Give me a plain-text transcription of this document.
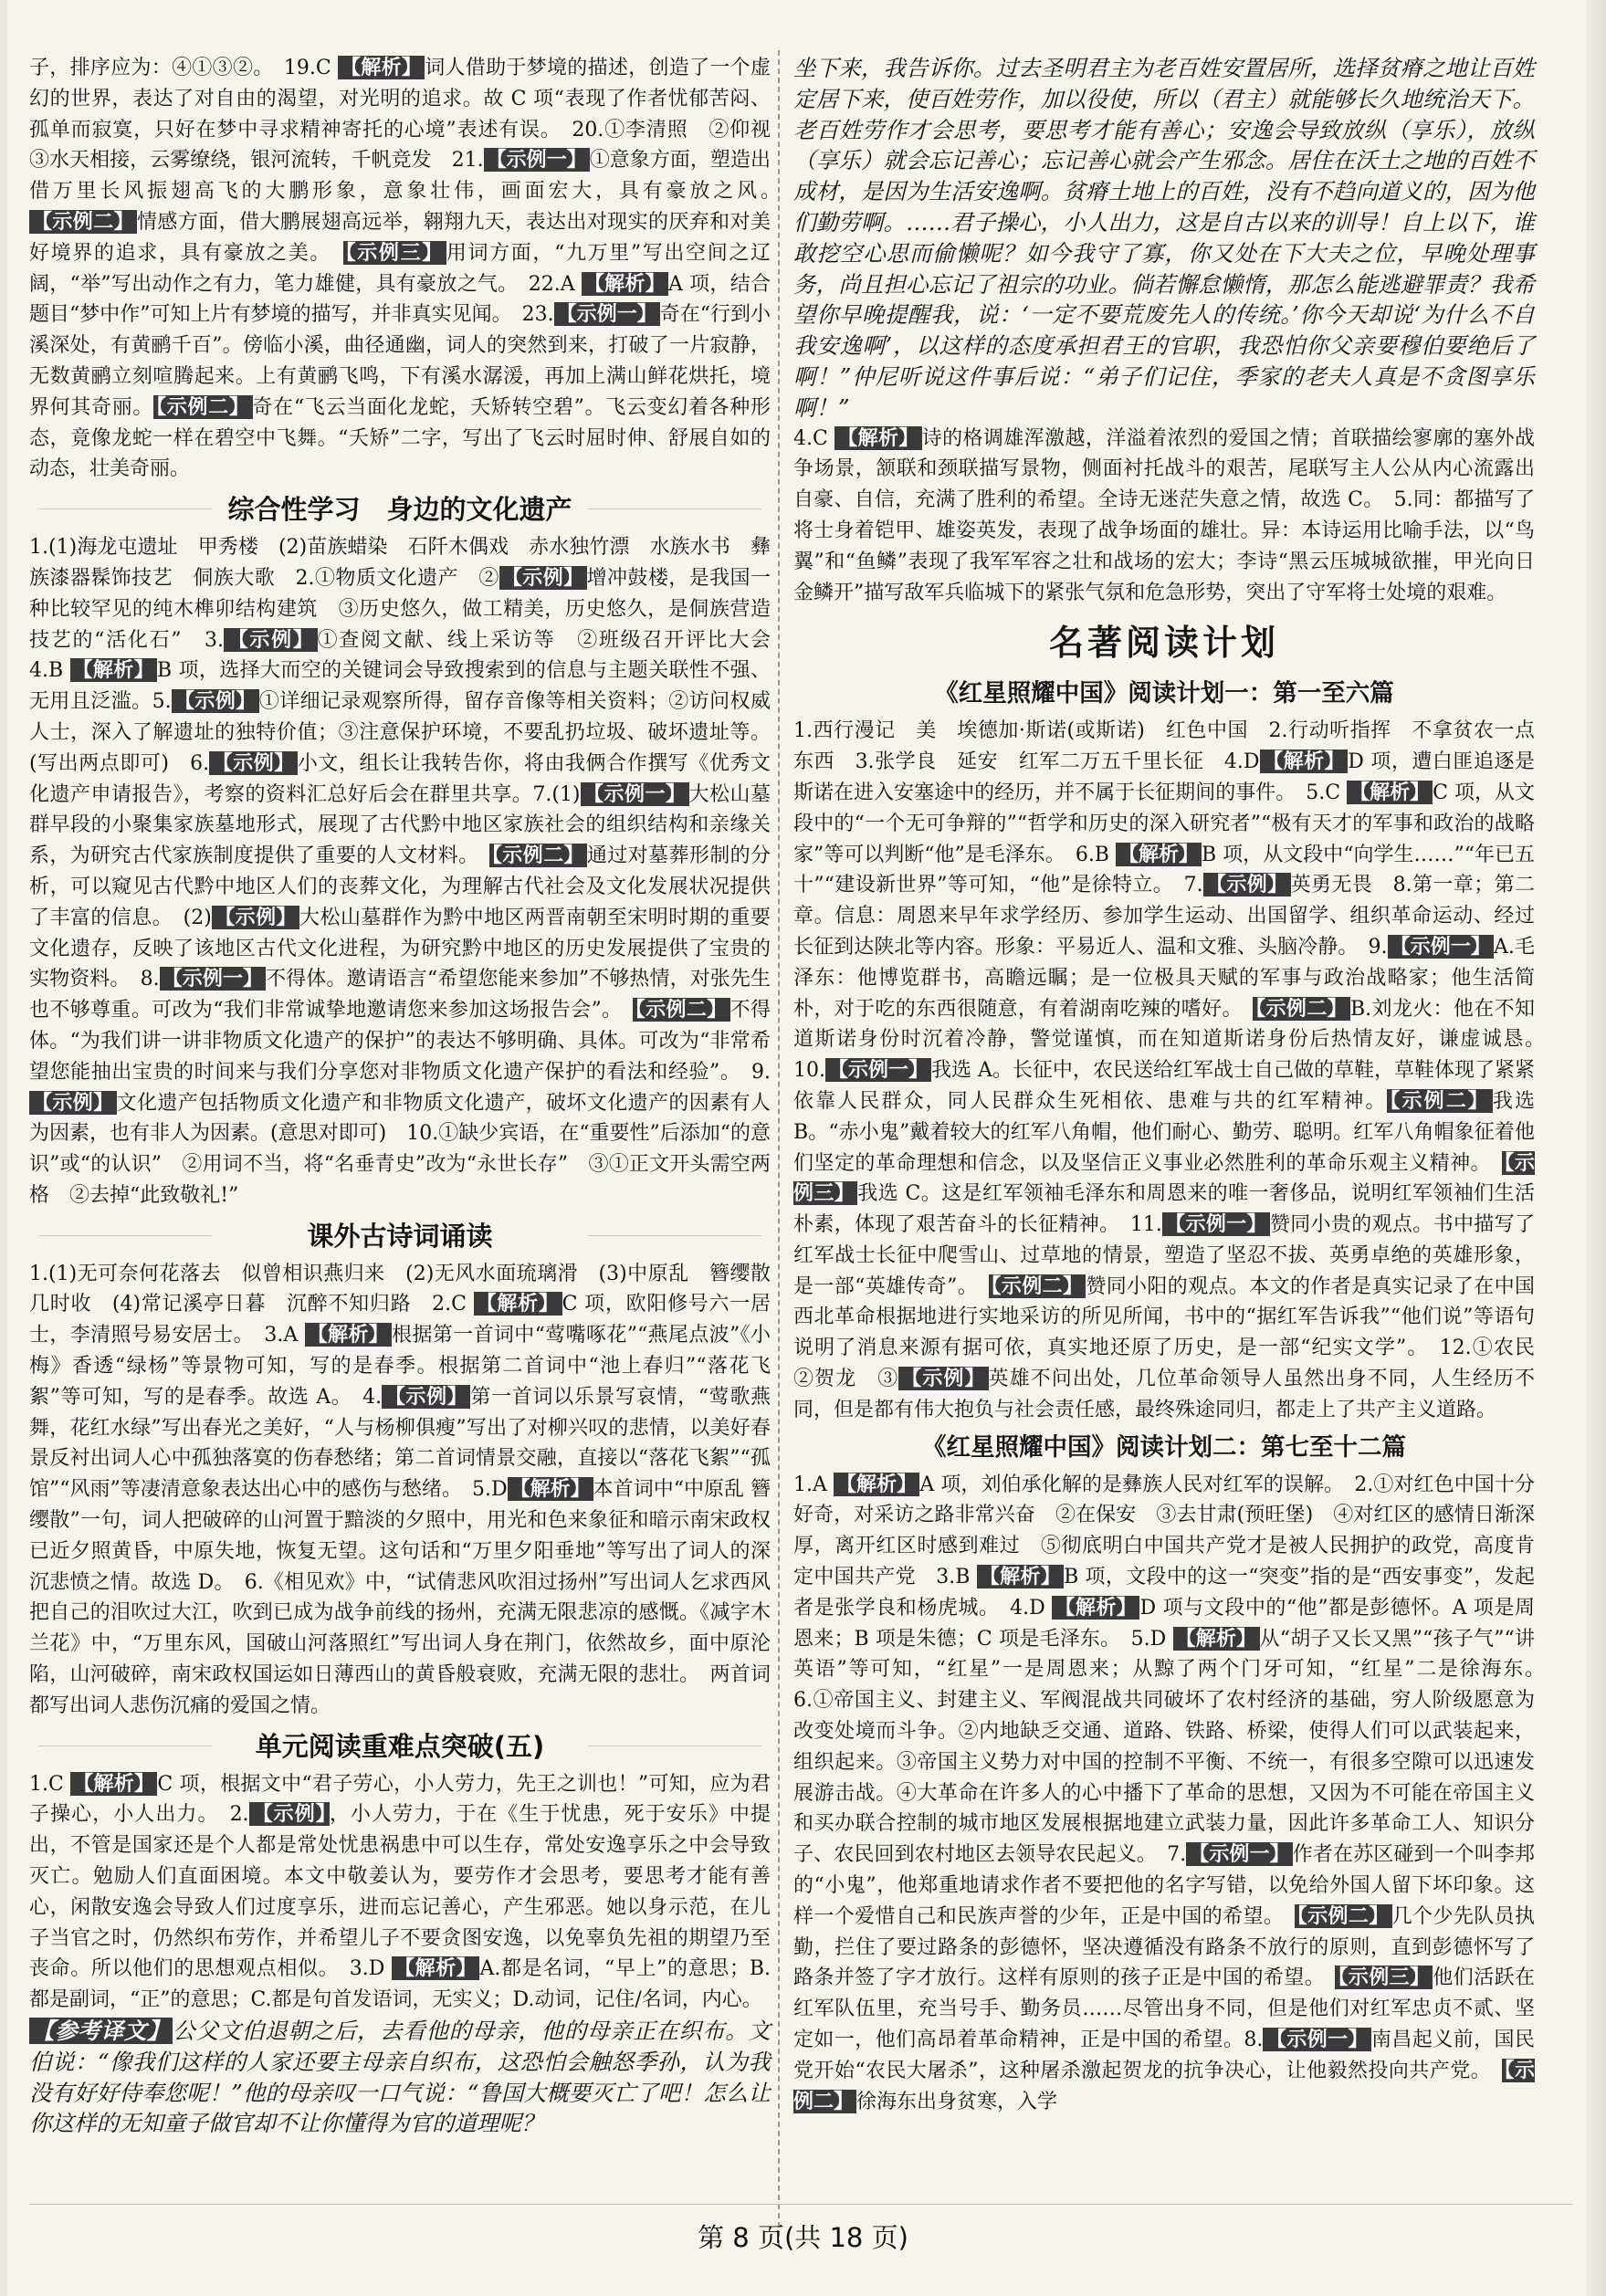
子，排序应为：④①③②。　19.C 【解析】 词人借助于梦境的描述，创造了一个虚幻的世界，表达了对自由的渴望，对光明的追求。故 C 项“表现了作者忧郁苦闷、孤单而寂寞，只好在梦中寻求精神寄托的心境”表述有误。　20.①李清照　②仰视　③水天相接，云雾缭绕，银河流转，千帆竞发　21. 【示例一】 ①意象方面，塑造出借万里长风振翅高飞的大鹏形象，意象壮伟，画面宏大，具有豪放之风。　【示例二】 情感方面，借大鹏展翅高远举，翱翔九天，表达出对现实的厌弃和对美好境界的追求，具有豪放之美。　【示例三】 用词方面，“九万里”写出空间之辽阔，“举”写出动作之有力，笔力雄健，具有豪放之气。　22.A 【解析】 A 项，结合题目“梦中作”可知上片有梦境的描写，并非真实见闻。　23. 【示例一】 奇在“行到小溪深处，有黄鹂千百”。傍临小溪，曲径通幽，词人的突然到来，打破了一片寂静，无数黄鹂立刻喧腾起来。上有黄鹂飞鸣，下有溪水潺湲，再加上满山鲜花烘托，境界何其奇丽。 【示例二】 奇在“飞云当面化龙蛇，夭矫转空碧”。飞云变幻着各种形态，竟像龙蛇一样在碧空中飞舞。“夭矫”二字，写出了飞云时屈时伸、舒展自如的动态，壮美奇丽。
综合性学习　身边的文化遗产
1.(1)海龙屯遗址　甲秀楼　(2)苗族蜡染　石阡木偶戏　赤水独竹漂　水族水书　彝族漆器髹饰技艺　侗族大歌　2.①物质文化遗产　② 【示例】 增冲鼓楼，是我国一种比较罕见的纯木榫卯结构建筑　③历史悠久，做工精美，历史悠久，是侗族营造技艺的“活化石”　3. 【示例】 ①查阅文献、线上采访等　②班级召开评比大会　4.B 【解析】 B 项，选择大而空的关键词会导致搜索到的信息与主题关联性不强、无用且泛滥。5. 【示例】 ①详细记录观察所得，留存音像等相关资料；②访问权威人士，深入了解遗址的独特价值；③注意保护环境，不要乱扔垃圾、破坏遗址等。(写出两点即可)　6. 【示例】 小文，组长让我转告你，将由我俩合作撰写《优秀文化遗产申请报告》，考察的资料汇总好后会在群里共享。7.(1) 【示例一】 大松山墓群早段的小聚集家族墓地形式，展现了古代黔中地区家族社会的组织结构和亲缘关系，为研究古代家族制度提供了重要的人文材料。　【示例二】 通过对墓葬形制的分析，可以窥见古代黔中地区人们的丧葬文化，为理解古代社会及文化发展状况提供了丰富的信息。　(2) 【示例】 大松山墓群作为黔中地区两晋南朝至宋明时期的重要文化遗存，反映了该地区古代文化进程，为研究黔中地区的历史发展提供了宝贵的实物资料。　8. 【示例一】 不得体。邀请语言“希望您能来参加”不够热情，对张先生也不够尊重。可改为“我们非常诚挚地邀请您来参加这场报告会”。　【示例二】 不得体。“为我们讲一讲非物质文化遗产的保护”的表达不够明确、具体。可改为“非常希望您能抽出宝贵的时间来与我们分享您对非物质文化遗产保护的看法和经验”。　9.【示例】 文化遗产包括物质文化遗产和非物质文化遗产，破坏文化遗产的因素有人为因素，也有非人为因素。(意思对即可)　10.①缺少宾语，在“重要性”后添加“的意识”或“的认识”　②用词不当，将“名垂青史”改为“永世长存”　③①正文开头需空两格　②去掉“此致敬礼!”
课外古诗词诵读
1.(1)无可奈何花落去　似曾相识燕归来　(2)无风水面琉璃滑　(3)中原乱　簪缨散　几时收　(4)常记溪亭日暮　沉醉不知归路　2.C 【解析】 C 项，欧阳修号六一居士，李清照号易安居士。　3.A 【解析】 根据第一首词中“莺嘴啄花”“燕尾点波”《小梅》香透“绿杨”等景物可知，写的是春季。根据第二首词中“池上春归”“落花飞絮”等可知，写的是春季。故选 A。　4. 【示例】 第一首词以乐景写哀情，“莺歌燕舞，花红水绿”写出春光之美好，“人与杨柳俱瘦”写出了对柳兴叹的悲情，以美好春景反衬出词人心中孤独落寞的伤春愁绪；第二首词情景交融，直接以“落花飞絮”“孤馆”“风雨”等凄清意象表达出心中的感伤与愁绪。　5.D 【解析】 本首词中“中原乱 簪缨散”一句，词人把破碎的山河置于黯淡的夕照中，用光和色来象征和暗示南宋政权已近夕照黄昏，中原失地，恢复无望。这句话和“万里夕阳垂地”等写出了词人的深沉悲愤之情。故选 D。　6.《相见欢》中，“试倩悲风吹泪过扬州”写出词人乞求西风把自己的泪吹过大江，吹到已成为战争前线的扬州，充满无限悲凉的感慨。《减字木兰花》中，“万里东风，国破山河落照红”写出词人身在荆门，依然故乡，面中原沦陷，山河破碎，南宋政权国运如日薄西山的黄昏般衰败，充满无限的悲壮。　两首词都写出词人悲伤沉痛的爱国之情。
单元阅读重难点突破(五)
1.C 【解析】 C 项，根据文中“君子劳心，小人劳力，先王之训也！”可知，应为君子操心，小人出力。　2. 【示例】 ，小人劳力，于在《生于忧患，死于安乐》中提出，不管是国家还是个人都是常处忧患祸患中可以生存，常处安逸享乐之中会导致灭亡。勉励人们直面困境。本文中敬姜认为，要劳作才会思考，要思考才能有善心，闲散安逸会导致人们过度享乐，进而忘记善心，产生邪恶。她以身示范，在儿子当官之时，仍然织布劳作，并希望儿子不要贪图安逸，以免辜负先祖的期望乃至丧命。所以他们的思想观点相似。　3.D 【解析】 A.都是名词，“早上”的意思；B.都是副词，“正”的意思；C.都是句首发语词，无实义；D.动词，记住/名词，内心。
【参考译文】 公父文伯退朝之后，去看他的母亲，他的母亲正在织布。文伯说：“像我们这样的人家还要主母亲自织布，这恐怕会触怒季孙，认为我没有好好侍奉您呢！”他的母亲叹一口气说：“鲁国大概要灭亡了吧！怎么让你这样的无知童子做官却不让你懂得为官的道理呢？
坐下来，我告诉你。过去圣明君主为老百姓安置居所，选择贫瘠之地让百姓定居下来，使百姓劳作，加以役使，所以（君主）就能够长久地统治天下。老百姓劳作才会思考，要思考才能有善心；安逸会导致放纵（享乐），放纵（享乐）就会忘记善心；忘记善心就会产生邪念。居住在沃土之地的百姓不成材，是因为生活安逸啊。贫瘠土地上的百姓，没有不趋向道义的，因为他们勤劳啊。……君子操心，小人出力，这是自古以来的训导！自上以下，谁敢挖空心思而偷懒呢？如今我守了寡，你又处在下大夫之位，早晚处理事务，尚且担心忘记了祖宗的功业。倘若懈怠懒惰，那怎么能逃避罪责？我希望你早晚提醒我，说：‘一定不要荒废先人的传统。’你今天却说‘为什么不自我安逸啊’，以这样的态度承担君王的官职，我恐怕你父亲要穆伯要绝后了啊！”仲尼听说这件事后说：“弟子们记住，季家的老夫人真是不贪图享乐啊！”
4.C 【解析】 诗的格调雄浑激越，洋溢着浓烈的爱国之情；首联描绘寥廓的塞外战争场景，颔联和颈联描写景物，侧面衬托战斗的艰苦，尾联写主人公从内心流露出自豪、自信，充满了胜利的希望。全诗无迷茫失意之情，故选 C。　5.同：都描写了将士身着铠甲、雄姿英发，表现了战争场面的雄壮。异：本诗运用比喻手法，以“鸟翼”和“鱼鳞”表现了我军军容之壮和战场的宏大；李诗“黑云压城城欲摧，甲光向日金鳞开”描写敌军兵临城下的紧张气氛和危急形势，突出了守军将士处境的艰难。
名著阅读计划
《红星照耀中国》阅读计划一：第一至六篇
1.西行漫记　美　埃德加·斯诺(或斯诺)　红色中国　2.行动听指挥　不拿贫农一点东西　3.张学良　延安　红军二万五千里长征　4.D 【解析】 D 项，遭白匪追逐是斯诺在进入安塞途中的经历，并不属于长征期间的事件。　5.C 【解析】 C 项，从文段中的“一个无可争辩的”“哲学和历史的深入研究者”“极有天才的军事和政治的战略家”等可以判断“他”是毛泽东。　6.B 【解析】 B 项，从文段中“向学生……”“年已五十”“建设新世界”等可知，“他”是徐特立。　7. 【示例】 英勇无畏　8.第一章；第二章。信息：周恩来早年求学经历、参加学生运动、出国留学、组织革命运动、经过长征到达陕北等内容。形象：平易近人、温和文雅、头脑冷静。　9. 【示例一】 A.毛泽东：他博览群书，高瞻远瞩；是一位极具天赋的军事与政治战略家；他生活简朴，对于吃的东西很随意，有着湖南吃辣的嗜好。　【示例二】 B.刘龙火：他在不知道斯诺身份时沉着冷静，警觉谨慎，而在知道斯诺身份后热情友好，谦虚诚恳。　10. 【示例一】 我选 A。长征中，农民送给红军战士自己做的草鞋，草鞋体现了紧紧依靠人民群众，同人民群众生死相依、患难与共的红军精神。 【示例二】 我选 B。“赤小鬼”戴着较大的红军八角帽，他们耐心、勤劳、聪明。红军八角帽象征着他们坚定的革命理想和信念，以及坚信正义事业必然胜利的革命乐观主义精神。　【示例三】 我选 C。这是红军领袖毛泽东和周恩来的唯一奢侈品，说明红军领袖们生活朴素，体现了艰苦奋斗的长征精神。　11. 【示例一】 赞同小贵的观点。书中描写了红军战士长征中爬雪山、过草地的情景，塑造了坚忍不拔、英勇卓绝的英雄形象，是一部“英雄传奇”。　【示例二】 赞同小阳的观点。本文的作者是真实记录了在中国西北革命根据地进行实地采访的所见所闻，书中的“据红军告诉我”“他们说”等语句说明了消息来源有据可依，真实地还原了历史，是一部“纪实文学”。　12.①农民　②贺龙　③ 【示例】 英雄不问出处，几位革命领导人虽然出身不同，人生经历不同，但是都有伟大抱负与社会责任感，最终殊途同归，都走上了共产主义道路。
《红星照耀中国》阅读计划二：第七至十二篇
1.A 【解析】 A 项，刘伯承化解的是彝族人民对红军的误解。　2.①对红色中国十分好奇，对采访之路非常兴奋　②在保安　③去甘肃(预旺堡)　④对红区的感情日渐深厚，离开红区时感到难过　⑤彻底明白中国共产党才是被人民拥护的政党，高度肯定中国共产党　3.B 【解析】 B 项，文段中的这一“突变”指的是“西安事变”，发起者是张学良和杨虎城。　4.D 【解析】 D 项与文段中的“他”都是彭德怀。A 项是周恩来；B 项是朱德；C 项是毛泽东。　5.D 【解析】 从“胡子又长又黑”“孩子气”“讲英语”等可知，“红星”一是周恩来；从黥了两个门牙可知，“红星”二是徐海东。　6.①帝国主义、封建主义、军阀混战共同破坏了农村经济的基础，穷人阶级愿意为改变处境而斗争。②内地缺乏交通、道路、铁路、桥梁，使得人们可以武装起来，组织起来。③帝国主义势力对中国的控制不平衡、不统一，有很多空隙可以迅速发展游击战。④大革命在许多人的心中播下了革命的思想，又因为不可能在帝国主义和买办联合控制的城市地区发展根据地建立武装力量，因此许多革命工人、知识分子、农民回到农村地区去领导农民起义。　7. 【示例一】 作者在苏区碰到一个叫李邦的“小鬼”，他郑重地请求作者不要把他的名字写错，以免给外国人留下坏印象。这样一个爱惜自己和民族声誉的少年，正是中国的希望。　【示例二】 几个少先队员执勤，拦住了要过路条的彭德怀，坚决遵循没有路条不放行的原则，直到彭德怀写了路条并签了字才放行。这样有原则的孩子正是中国的希望。　【示例三】 他们活跃在红军队伍里，充当号手、勤务员……尽管出身不同，但是他们对红军忠贞不贰、坚定如一，他们高昂着革命精神，正是中国的希望。8. 【示例一】 南昌起义前，国民党开始“农民大屠杀”，这种屠杀激起贺龙的抗争决心，让他毅然投向共产党。　【示例二】 徐海东出身贫寒，入学
第 8 页(共 18 页)
